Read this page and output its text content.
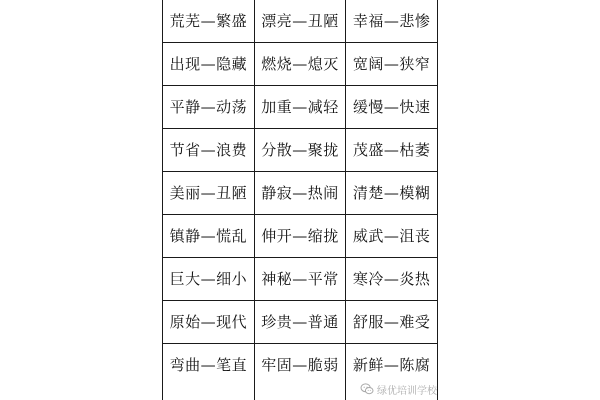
荒芜—繁盛	漂亮—丑陋	幸福—悲惨
出现—隐藏	燃烧—熄灭	宽阔—狭窄
平静—动荡	加重—减轻	缓慢—快速
节省—浪费	分散—聚拢	茂盛—枯萎
美丽—丑陋	静寂—热闹	清楚—模糊
镇静—慌乱	伸开—缩拢	威武—沮丧
巨大—细小	神秘—平常	寒冷—炎热
原始—现代	珍贵—普通	舒服—难受
弯曲—笔直	牢固—脆弱	新鲜—陈腐
绿优培训学校
